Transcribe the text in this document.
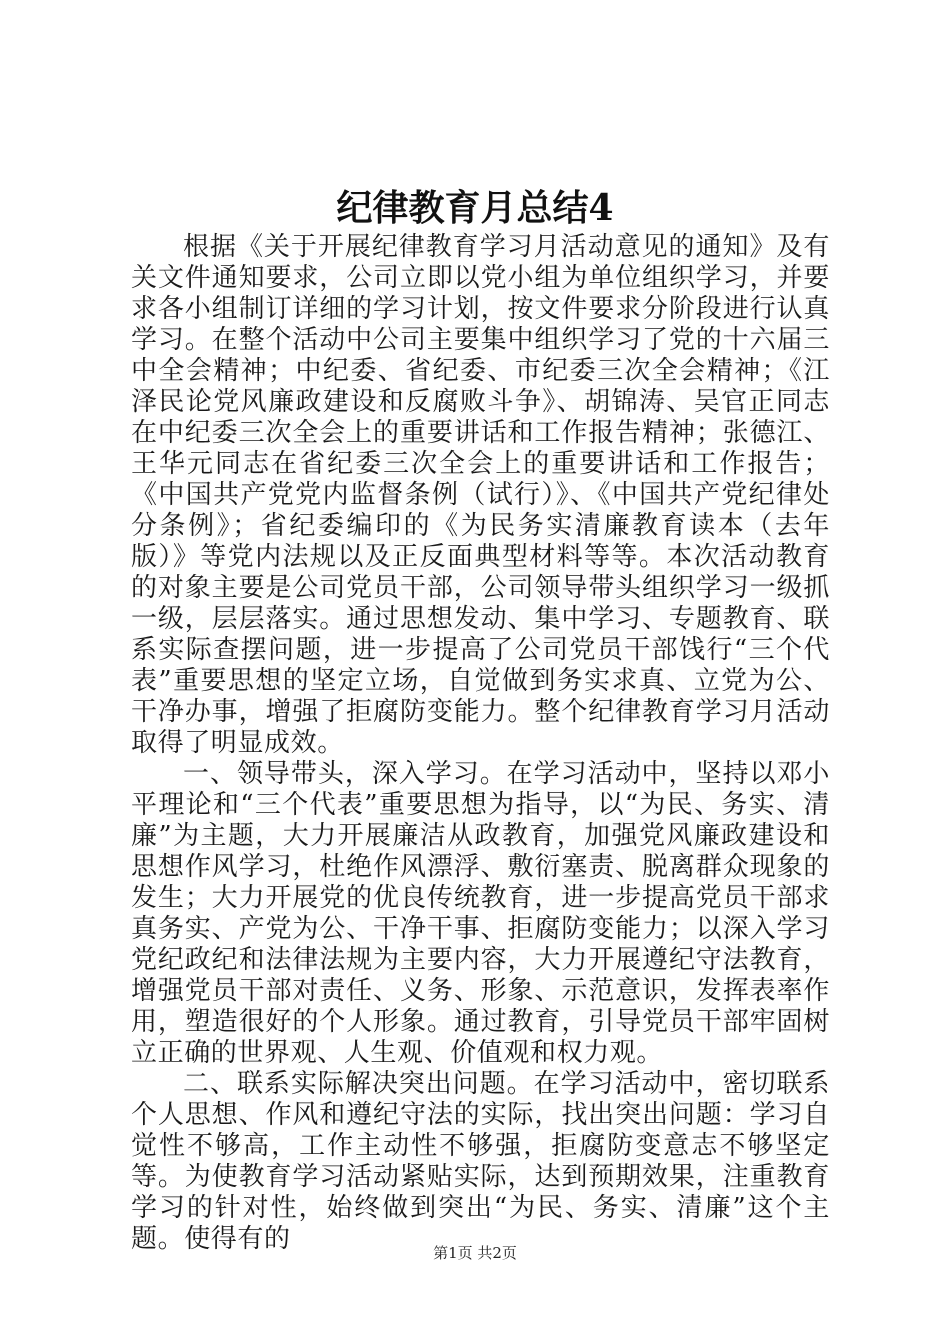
纪律教育月总结4

根据《关于开展纪律教育学习月活动意见的通知》及有关文件通知要求，公司立即以党小组为单位组织学习，并要求各小组制订详细的学习计划，按文件要求分阶段进行认真学习。在整个活动中公司主要集中组织学习了党的十六届三中全会精神；中纪委、省纪委、市纪委三次全会精神；《江泽民论党风廉政建设和反腐败斗争》、胡锦涛、吴官正同志在中纪委三次全会上的重要讲话和工作报告精神；张德江、王华元同志在省纪委三次全会上的重要讲话和工作报告；《中国共产党党内监督条例（试行）》、《中国共产党纪律处分条例》；省纪委编印的《为民务实清廉教育读本（去年版）》等党内法规以及正反面典型材料等等。本次活动教育的对象主要是公司党员干部，公司领导带头组织学习一级抓一级，层层落实。通过思想发动、集中学习、专题教育、联系实际查摆问题，进一步提高了公司党员干部饯行“三个代表”重要思想的坚定立场，自觉做到务实求真、立党为公、干净办事，增强了拒腐防变能力。整个纪律教育学习月活动取得了明显成效。

一、领导带头，深入学习。在学习活动中，坚持以邓小平理论和“三个代表”重要思想为指导，以“为民、务实、清廉”为主题，大力开展廉洁从政教育，加强党风廉政建设和思想作风学习，杜绝作风漂浮、敷衍塞责、脱离群众现象的发生；大力开展党的优良传统教育，进一步提高党员干部求真务实、产党为公、干净干事、拒腐防变能力；以深入学习党纪政纪和法律法规为主要内容，大力开展遵纪守法教育，增强党员干部对责任、义务、形象、示范意识，发挥表率作用，塑造很好的个人形象。通过教育，引导党员干部牢固树立正确的世界观、人生观、价值观和权力观。

二、联系实际解决突出问题。在学习活动中，密切联系个人思想、作风和遵纪守法的实际，找出突出问题：学习自觉性不够高，工作主动性不够强，拒腐防变意志不够坚定等。为使教育学习活动紧贴实际，达到预期效果，注重教育学习的针对性，始终做到突出“为民、务实、清廉”这个主题。使得有的	第1页 共2页
